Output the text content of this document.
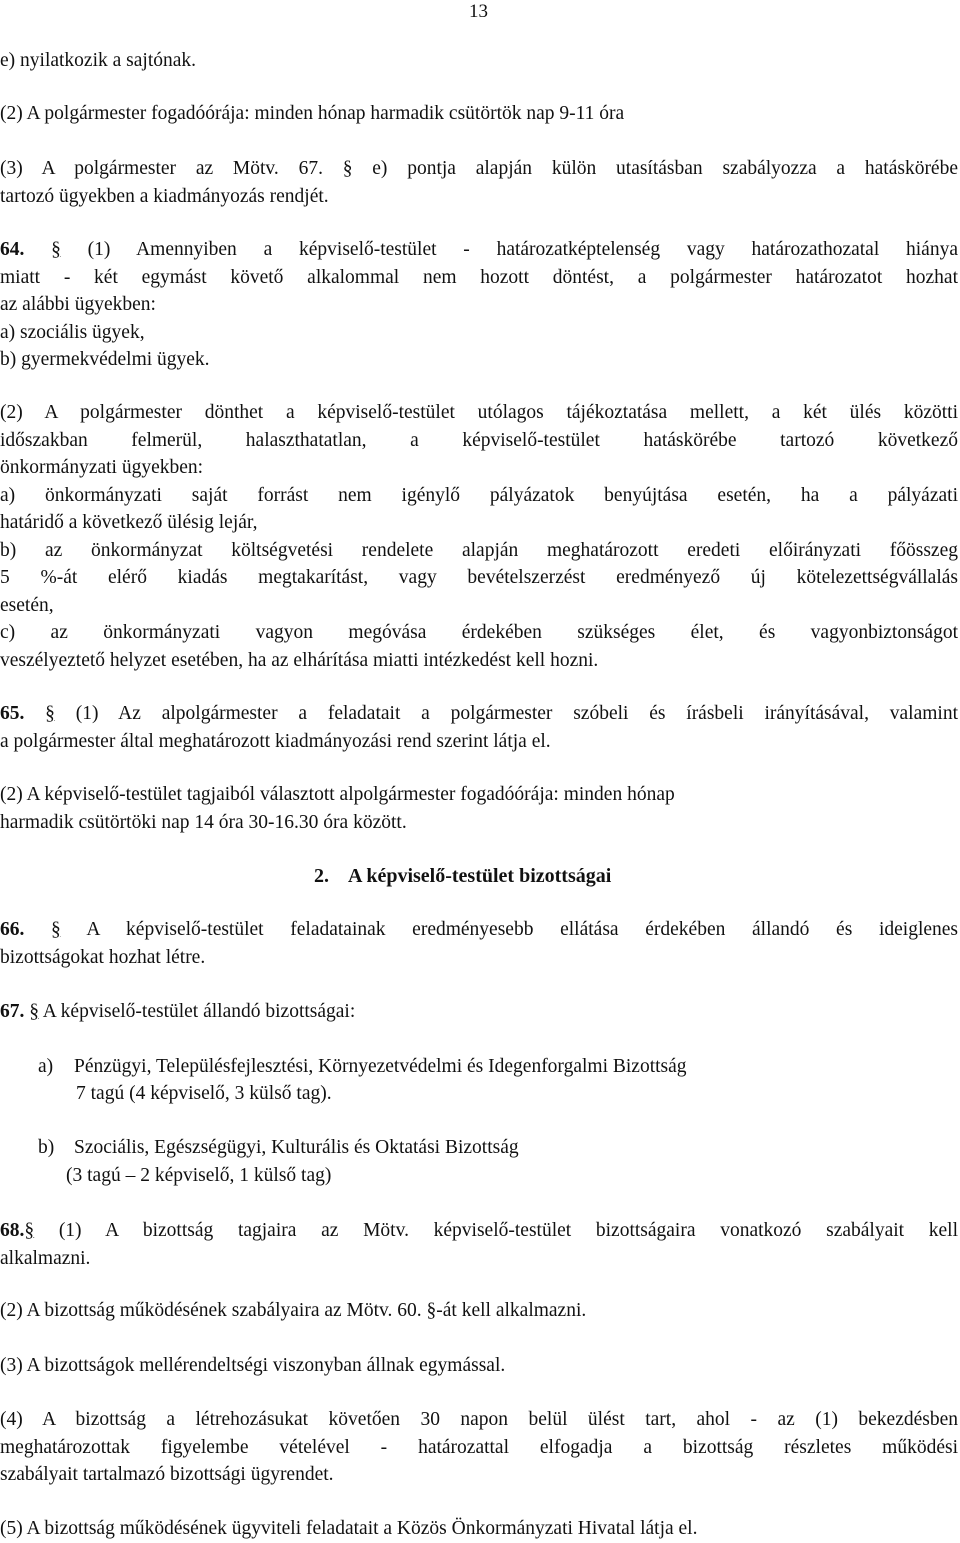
13
e) nyilatkozik a sajtónak.
(2) A polgármester fogadóórája: minden hónap harmadik csütörtök nap 9-11 óra
(3) A polgármester az Mötv. 67. § e) pontja alapján külön utasításban szabályozza a hatáskörébe
tartozó ügyekben a kiadmányozás rendjét.
64. § (1) Amennyiben a képviselő-testület - határozatképtelenség vagy határozathozatal hiánya
miatt - két egymást követő alkalommal nem hozott döntést, a polgármester határozatot hozhat
az alábbi ügyekben:
a) szociális ügyek,
b) gyermekvédelmi ügyek.
(2) A polgármester dönthet a képviselő-testület utólagos tájékoztatása mellett, a két ülés közötti
időszakban felmerül, halaszthatatlan, a képviselő-testület hatáskörébe tartozó következő
önkormányzati ügyekben:
a) önkormányzati saját forrást nem igénylő pályázatok benyújtása esetén, ha a pályázati
határidő a következő ülésig lejár,
b) az önkormányzat költségvetési rendelete alapján meghatározott eredeti előirányzati főösszeg
5 %-át elérő kiadás megtakarítást, vagy bevételszerzést eredményező új kötelezettségvállalás
esetén,
c) az önkormányzati vagyon megóvása érdekében szükséges élet, és vagyonbiztonságot
veszélyeztető helyzet esetében, ha az elhárítása miatti intézkedést kell hozni.
65. § (1) Az alpolgármester a feladatait a polgármester szóbeli és írásbeli irányításával, valamint
a polgármester által meghatározott kiadmányozási rend szerint látja el.
(2) A képviselő-testület tagjaiból választott alpolgármester fogadóórája: minden hónap
harmadik csütörtöki nap 14 óra 30-16.30 óra között.
2. A képviselő-testület bizottságai
66. § A képviselő-testület feladatainak eredményesebb ellátása érdekében állandó és ideiglenes
bizottságokat hozhat létre.
67. § A képviselő-testület állandó bizottságai:
a) Pénzügyi, Településfejlesztési, Környezetvédelmi és Idegenforgalmi Bizottság
7 tagú (4 képviselő, 3 külső tag).
b) Szociális, Egészségügyi, Kulturális és Oktatási Bizottság
(3 tagú – 2 képviselő, 1 külső tag)
68.§ (1) A bizottság tagjaira az Mötv. képviselő-testület bizottságaira vonatkozó szabályait kell
alkalmazni.
(2) A bizottság működésének szabályaira az Mötv. 60. §-át kell alkalmazni.
(3) A bizottságok mellérendeltségi viszonyban állnak egymással.
(4) A bizottság a létrehozásukat követően 30 napon belül ülést tart, ahol - az (1) bekezdésben
meghatározottak figyelembe vételével - határozattal elfogadja a bizottság részletes működési
szabályait tartalmazó bizottsági ügyrendet.
(5) A bizottság működésének ügyviteli feladatait a Közös Önkormányzati Hivatal látja el.
